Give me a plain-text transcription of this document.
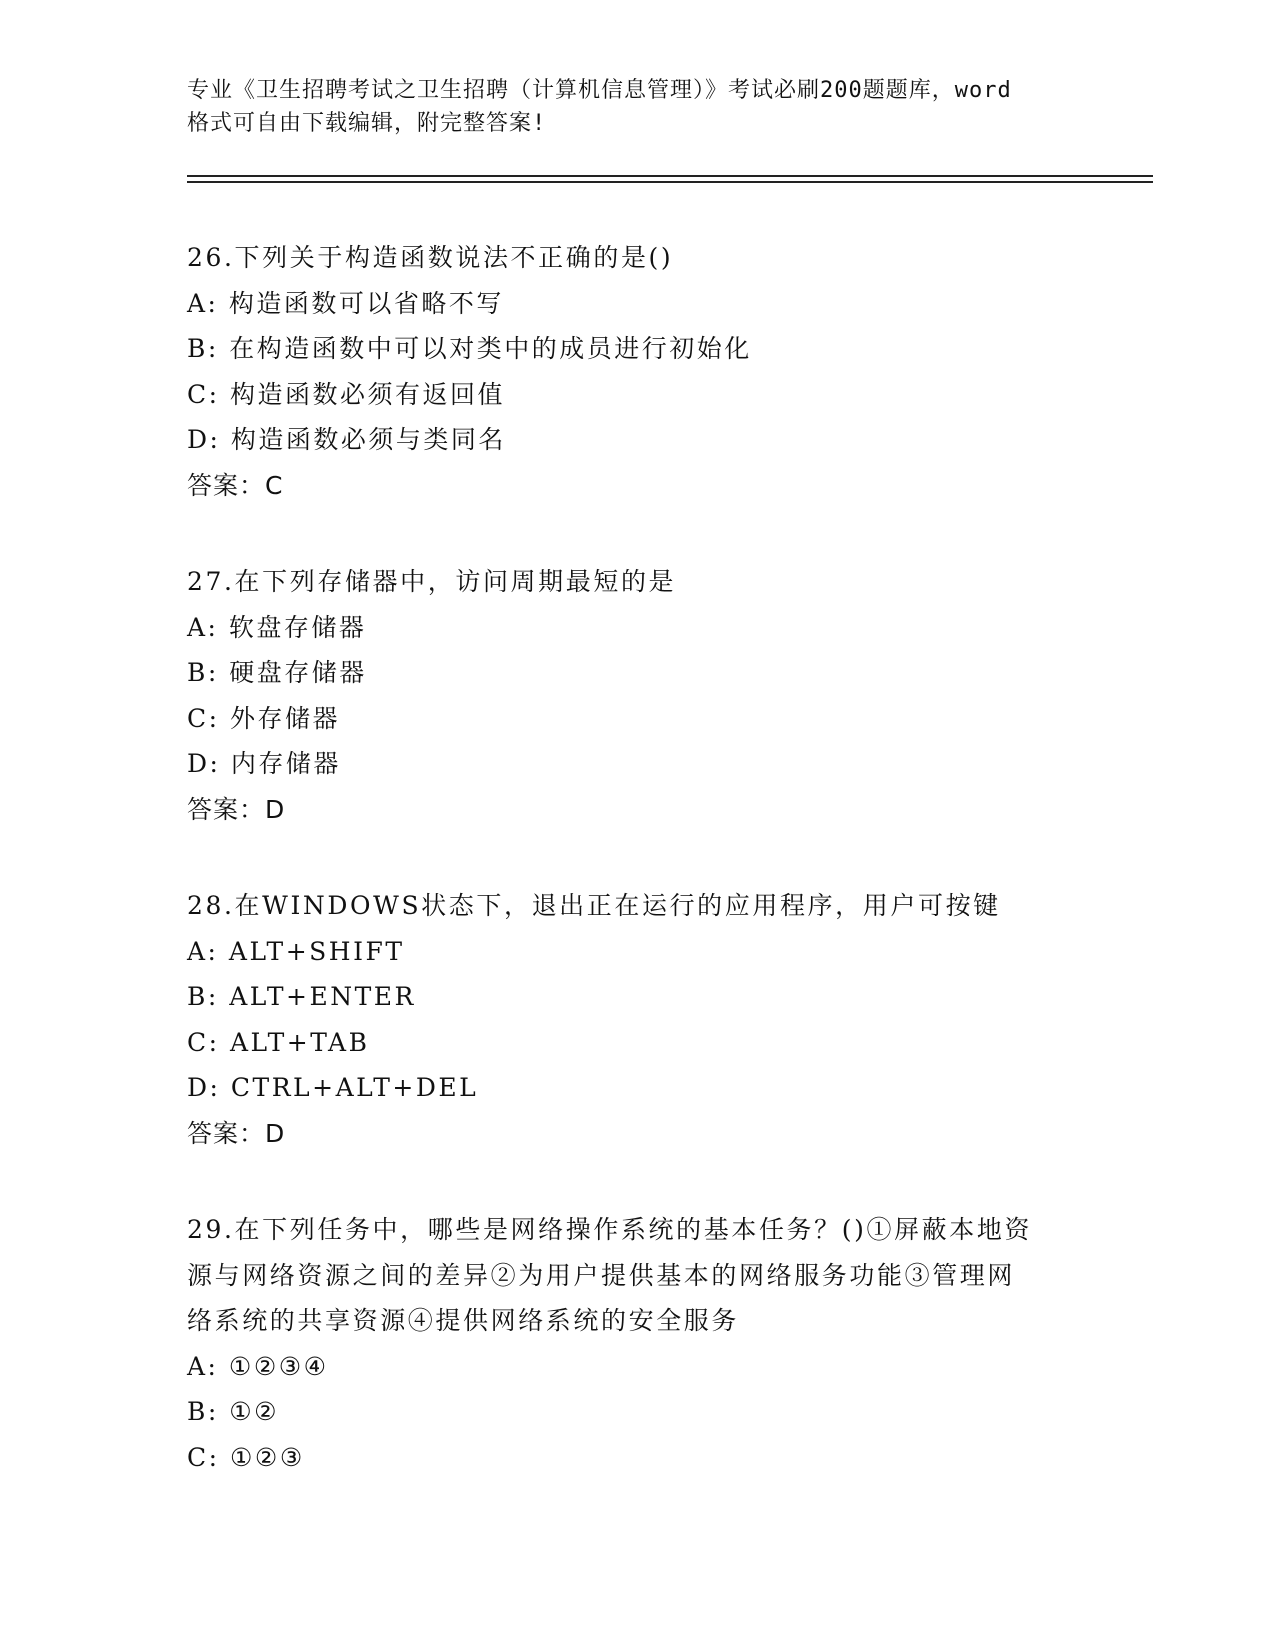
专业《卫生招聘考试之卫生招聘（计算机信息管理）》考试必刷200题题库，word
格式可自由下载编辑，附完整答案!

26.下列关于构造函数说法不正确的是()

A: 构造函数可以省略不写

B: 在构造函数中可以对类中的成员进行初始化

C: 构造函数必须有返回值

D: 构造函数必须与类同名

答案：C

27.在下列存储器中，访问周期最短的是

A: 软盘存储器

B: 硬盘存储器

C: 外存储器

D: 内存储器

答案：D

28.在WINDOWS状态下，退出正在运行的应用程序，用户可按键

A: ALT+SHIFT

B: ALT+ENTER

C: ALT+TAB

D: CTRL+ALT+DEL

答案：D

29.在下列任务中，哪些是网络操作系统的基本任务？()①屏蔽本地资

源与网络资源之间的差异②为用户提供基本的网络服务功能③管理网

络系统的共享资源④提供网络系统的安全服务

A: ①②③④

B: ①②

C: ①②③
